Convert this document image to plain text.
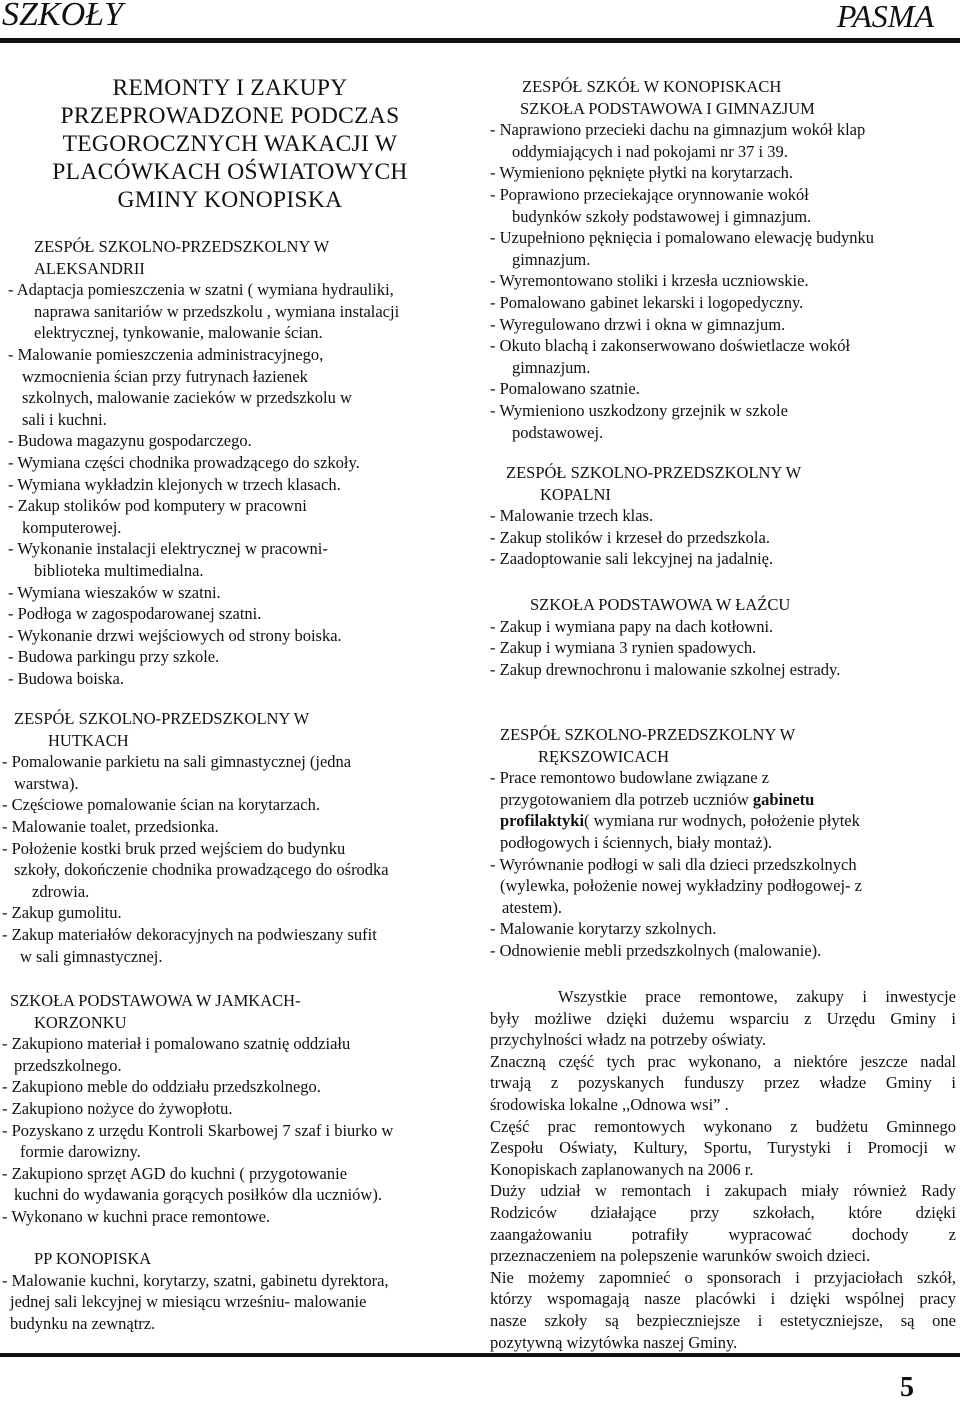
SZKOŁY	PASMA
REMONTY I ZAKUPY
PRZEPROWADZONE PODCZAS
TEGOROCZNYCH WAKACJI W
PLACÓWKACH OŚWIATOWYCH
GMINY KONOPISKA
ZESPÓŁ SZKOLNO-PRZEDSZKOLNY W
ALEKSANDRII
- Adaptacja pomieszczenia w szatni ( wymiana hydrauliki,
naprawa sanitariów w przedszkolu , wymiana instalacji
elektrycznej, tynkowanie, malowanie ścian.
- Malowanie pomieszczenia administracyjnego,
wzmocnienia ścian przy futrynach łazienek
szkolnych, malowanie zacieków w przedszkolu w
sali i kuchni.
- Budowa magazynu gospodarczego.
- Wymiana części chodnika prowadzącego do szkoły.
- Wymiana wykładzin klejonych w trzech klasach.
- Zakup stolików pod komputery w pracowni
komputerowej.
- Wykonanie instalacji elektrycznej w pracowni-
biblioteka multimedialna.
- Wymiana wieszaków w szatni.
- Podłoga w zagospodarowanej szatni.
- Wykonanie drzwi wejściowych od strony boiska.
- Budowa parkingu przy szkole.
- Budowa boiska.
ZESPÓŁ SZKOLNO-PRZEDSZKOLNY W
HUTKACH
- Pomalowanie parkietu na sali gimnastycznej (jedna
warstwa).
- Częściowe pomalowanie ścian na korytarzach.
- Malowanie toalet, przedsionka.
- Położenie kostki bruk przed wejściem do budynku
szkoły, dokończenie chodnika prowadzącego do ośrodka
zdrowia.
- Zakup gumolitu.
- Zakup materiałów dekoracyjnych na podwieszany sufit
w sali gimnastycznej.
SZKOŁA PODSTAWOWA W JAMKACH-
KORZONKU
- Zakupiono materiał i pomalowano szatnię oddziału
przedszkolnego.
- Zakupiono meble do oddziału przedszkolnego.
- Zakupiono nożyce do żywopłotu.
- Pozyskano z urzędu Kontroli Skarbowej 7 szaf i biurko w
formie darowizny.
- Zakupiono sprzęt AGD do kuchni ( przygotowanie
kuchni do wydawania gorących posiłków dla uczniów).
- Wykonano w kuchni prace remontowe.
PP KONOPISKA
- Malowanie kuchni, korytarzy, szatni, gabinetu dyrektora,
jednej sali lekcyjnej w miesiącu wrześniu- malowanie
budynku na zewnątrz.
ZESPÓŁ SZKÓŁ W KONOPISKACH
SZKOŁA PODSTAWOWA I GIMNAZJUM
- Naprawiono przecieki dachu na gimnazjum wokół klap
oddymiających i nad pokojami nr 37 i 39.
- Wymieniono pęknięte płytki na korytarzach.
- Poprawiono przeciekające orynnowanie wokół
budynków szkoły podstawowej i gimnazjum.
- Uzupełniono pęknięcia i pomalowano elewację budynku
gimnazjum.
- Wyremontowano stoliki i krzesła uczniowskie.
- Pomalowano gabinet lekarski i logopedyczny.
- Wyregulowano drzwi i okna w gimnazjum.
- Okuto blachą i zakonserwowano doświetlacze wokół
gimnazjum.
- Pomalowano szatnie.
- Wymieniono uszkodzony grzejnik w szkole
podstawowej.
ZESPÓŁ SZKOLNO-PRZEDSZKOLNY W
KOPALNI
- Malowanie trzech klas.
- Zakup stolików i krzeseł do przedszkola.
- Zaadoptowanie sali lekcyjnej na jadalnię.
SZKOŁA PODSTAWOWA W ŁAŹCU
- Zakup i wymiana papy na dach kotłowni.
- Zakup i wymiana 3 rynien spadowych.
- Zakup drewnochronu i malowanie szkolnej estrady.
ZESPÓŁ SZKOLNO-PRZEDSZKOLNY W
RĘKSZOWICACH
- Prace remontowo budowlane związane z
przygotowaniem dla potrzeb uczniów gabinetu
profilaktyki( wymiana rur wodnych, położenie płytek
podłogowych i ściennych, biały montaż).
- Wyrównanie podłogi w sali dla dzieci przedszkolnych
(wylewka, położenie nowej wykładziny podłogowej- z
atestem).
- Malowanie korytarzy szkolnych.
- Odnowienie mebli przedszkolnych (malowanie).
Wszystkie prace remontowe, zakupy i inwestycje
były możliwe dzięki dużemu wsparciu z Urzędu Gminy i
przychylności władz na potrzeby oświaty.
Znaczną część tych prac wykonano, a niektóre jeszcze nadal
trwają z pozyskanych funduszy przez władze Gminy i
środowiska lokalne ,,Odnowa wsi” .
Część prac remontowych wykonano z budżetu Gminnego
Zespołu Oświaty, Kultury, Sportu, Turystyki i Promocji w
Konopiskach zaplanowanych na 2006 r.
Duży udział w remontach i zakupach miały również Rady
Rodziców działające przy szkołach, które dzięki
zaangażowaniu potrafiły wypracować dochody z
przeznaczeniem na polepszenie warunków swoich dzieci.
Nie możemy zapomnieć o sponsorach i przyjaciołach szkół,
którzy wspomagają nasze placówki i dzięki wspólnej pracy
nasze szkoły są bezpieczniejsze i estetyczniejsze, są one
pozytywną wizytówka naszej Gminy.
5
